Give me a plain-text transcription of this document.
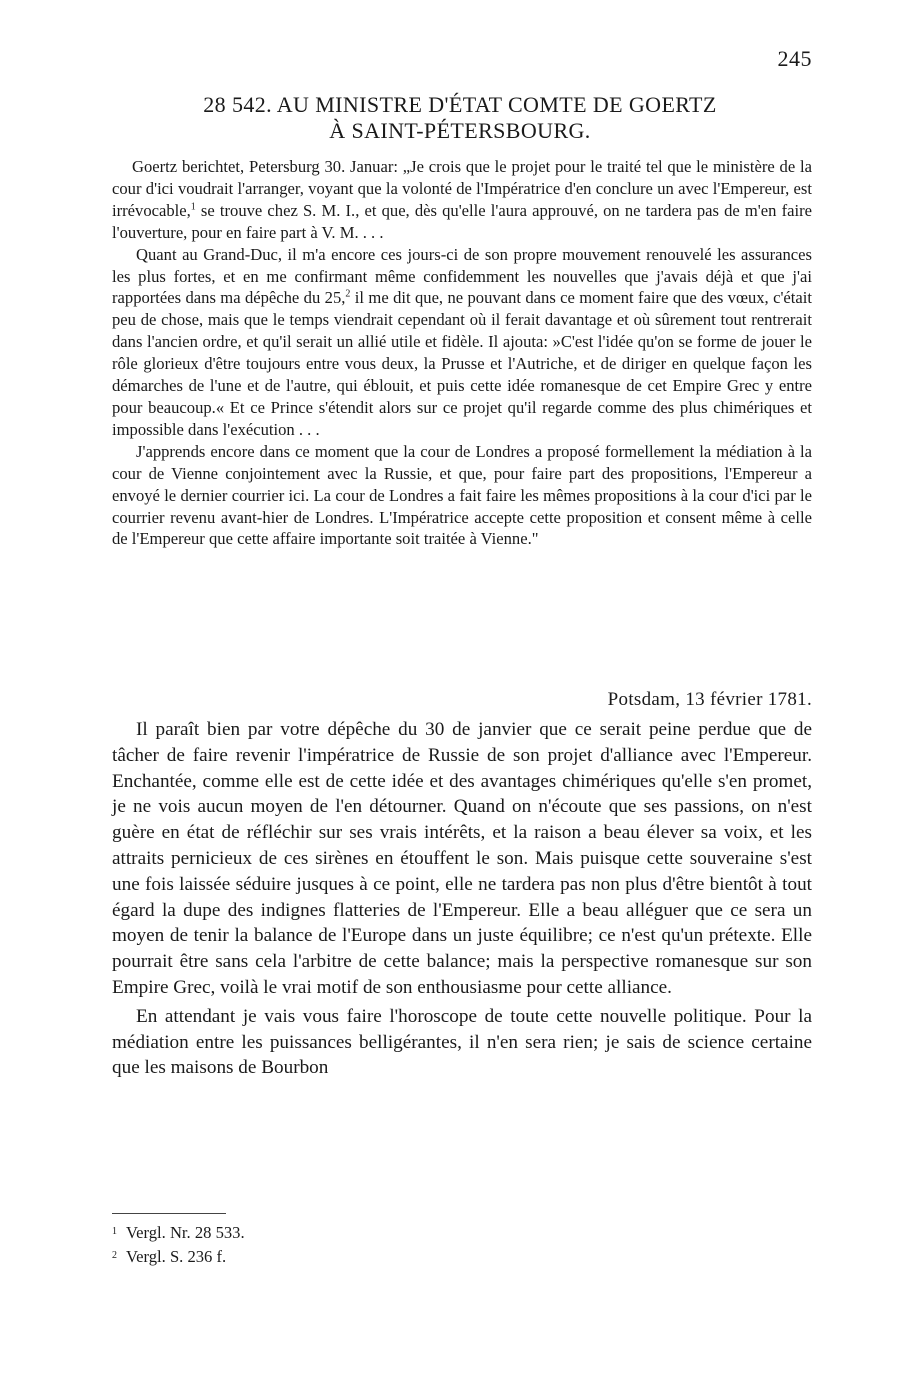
245
28 542. AU MINISTRE D'ÉTAT COMTE DE GOERTZ
À SAINT-PÉTERSBOURG.

Goertz berichtet, Petersburg 30. Januar: „Je crois que le projet pour le traité tel que le ministère de la cour d'ici voudrait l'arranger, voyant que la volonté de l'Impératrice d'en conclure un avec l'Empereur, est irrévocable,$^1$ se trouve chez S. M. I., et que, dès qu'elle l'aura approuvé, on ne tardera pas de m'en faire l'ouverture, pour en faire part à V. M. . . .

Quant au Grand-Duc, il m'a encore ces jours-ci de son propre mouvement renouvelé les assurances les plus fortes, et en me confirmant même confidemment les nouvelles que j'avais déjà et que j'ai rapportées dans ma dépêche du 25,$^2$ il me dit que, ne pouvant dans ce moment faire que des vœux, c'était peu de chose, mais que le temps viendrait cependant où il ferait davantage et où sûrement tout rentrerait dans l'ancien ordre, et qu'il serait un allié utile et fidèle. Il ajouta: »C'est l'idée qu'on se forme de jouer le rôle glorieux d'être toujours entre vous deux, la Prusse et l'Autriche, et de diriger en quelque façon les démarches de l'une et de l'autre, qui éblouit, et puis cette idée romanesque de cet Empire Grec y entre pour beaucoup.« Et ce Prince s'étendit alors sur ce projet qu'il regarde comme des plus chimériques et impossible dans l'exécution . . .

J'apprends encore dans ce moment que la cour de Londres a proposé formellement la médiation à la cour de Vienne conjointement avec la Russie, et que, pour faire part des propositions, l'Empereur a envoyé le dernier courrier ici. La cour de Londres a fait faire les mêmes propositions à la cour d'ici par le courrier revenu avant-hier de Londres. L'Impératrice accepte cette proposition et consent même à celle de l'Empereur que cette affaire importante soit traitée à Vienne."

Potsdam, 13 février 1781.

Il paraît bien par votre dépêche du 30 de janvier que ce serait peine perdue que de tâcher de faire revenir l'impératrice de Russie de son projet d'alliance avec l'Empereur. Enchantée, comme elle est de cette idée et des avantages chimériques qu'elle s'en promet, je ne vois aucun moyen de l'en détourner. Quand on n'écoute que ses passions, on n'est guère en état de réfléchir sur ses vrais intérêts, et la raison a beau élever sa voix, et les attraits pernicieux de ces sirènes en étouffent le son. Mais puisque cette souveraine s'est une fois laissée séduire jusques à ce point, elle ne tardera pas non plus d'être bientôt à tout égard la dupe des indignes flatteries de l'Empereur. Elle a beau alléguer que ce sera un moyen de tenir la balance de l'Europe dans un juste équilibre; ce n'est qu'un prétexte. Elle pourrait être sans cela l'arbitre de cette balance; mais la perspective romanesque sur son Empire Grec, voilà le vrai motif de son enthousiasme pour cette alliance.

En attendant je vais vous faire l'horoscope de toute cette nouvelle politique. Pour la médiation entre les puissances belligérantes, il n'en sera rien; je sais de science certaine que les maisons de Bourbon

1 Vergl. Nr. 28 533.
2 Vergl. S. 236 f.
